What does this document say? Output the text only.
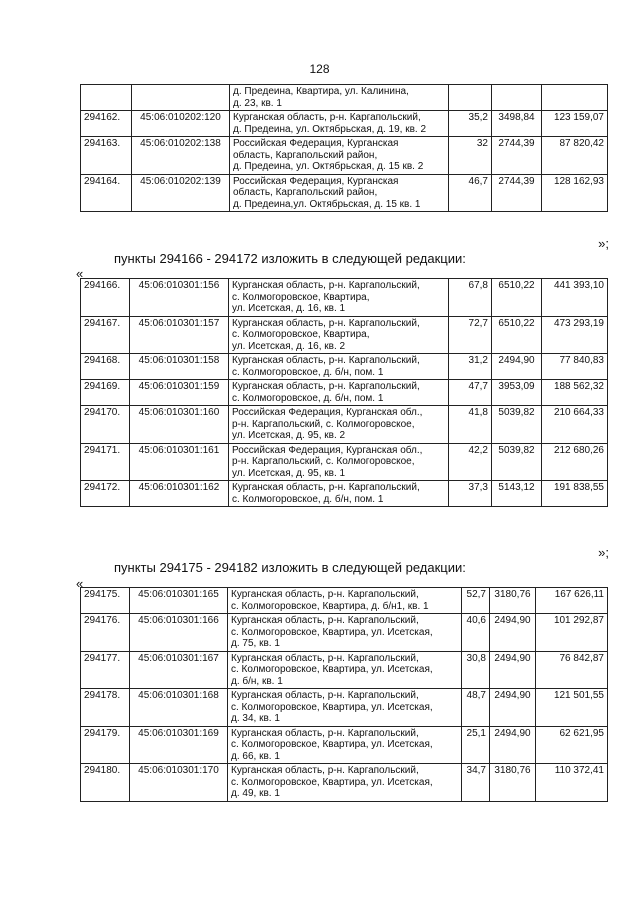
128

		д. Предеина, Квартира, ул. Калинина,
д. 23, кв. 1			

294162.	45:06:010202:120	Курганская область, р-н. Каргапольский,
д. Предеина, ул. Октябрьская, д. 19, кв. 2	35,2	3498,84	123 159,07
294163.	45:06:010202:138	Российская Федерация, Курганская
область, Каргапольский район,
д. Предеина, ул. Октябрьская, д. 15 кв. 2	32	2744,39	87 820,42
294164.	45:06:010202:139	Российская Федерация, Курганская
область, Каргапольский район,
д. Предеина,ул. Октябрьская, д. 15 кв. 1	46,7	2744,39	128 162,93
»;
пункты 294166 - 294172 изложить в следующей редакции:
«
294166.	45:06:010301:156	Курганская область, р-н. Каргапольский,
с. Колмогоровское, Квартира,
ул. Исетская, д. 16, кв. 1	67,8	6510,22	441 393,10
294167.	45:06:010301:157	Курганская область, р-н. Каргапольский,
с. Колмогоровское, Квартира,
ул. Исетская, д. 16, кв. 2	72,7	6510,22	473 293,19
294168.	45:06:010301:158	Курганская область, р-н. Каргапольский,
с. Колмогоровское, д. б/н, пом. 1	31,2	2494,90	77 840,83
294169.	45:06:010301:159	Курганская область, р-н. Каргапольский,
с. Колмогоровское, д. б/н, пом. 1	47,7	3953,09	188 562,32
294170.	45:06:010301:160	Российская Федерация, Курганская обл.,
р-н. Каргапольский, с. Колмогоровское,
ул. Исетская, д. 95, кв. 2	41,8	5039,82	210 664,33
294171.	45:06:010301:161	Российская Федерация, Курганская обл.,
р-н. Каргапольский, с. Колмогоровское,
ул. Исетская, д. 95, кв. 1	42,2	5039,82	212 680,26
294172.	45:06:010301:162	Курганская область, р-н. Каргапольский,
с. Колмогоровское, д. б/н, пом. 1	37,3	5143,12	191 838,55
»;
пункты 294175 - 294182 изложить в следующей редакции:
«
294175.	45:06:010301:165	Курганская область, р-н. Каргапольский,
с. Колмогоровское, Квартира, д. б/н1, кв. 1	52,7	3180,76	167 626,11
294176.	45:06:010301:166	Курганская область, р-н. Каргапольский,
с. Колмогоровское, Квартира, ул. Исетская,
д. 75, кв. 1	40,6	2494,90	101 292,87
294177.	45:06:010301:167	Курганская область, р-н. Каргапольский,
с. Колмогоровское, Квартира, ул. Исетская,
д. б/н, кв. 1	30,8	2494,90	76 842,87
294178.	45:06:010301:168	Курганская область, р-н. Каргапольский,
с. Колмогоровское, Квартира, ул. Исетская,
д. 34, кв. 1	48,7	2494,90	121 501,55
294179.	45:06:010301:169	Курганская область, р-н. Каргапольский,
с. Колмогоровское, Квартира, ул. Исетская,
д. 66, кв. 1	25,1	2494,90	62 621,95
294180.	45:06:010301:170	Курганская область, р-н. Каргапольский,
с. Колмогоровское, Квартира, ул. Исетская,
д. 49, кв. 1	34,7	3180,76	110 372,41
